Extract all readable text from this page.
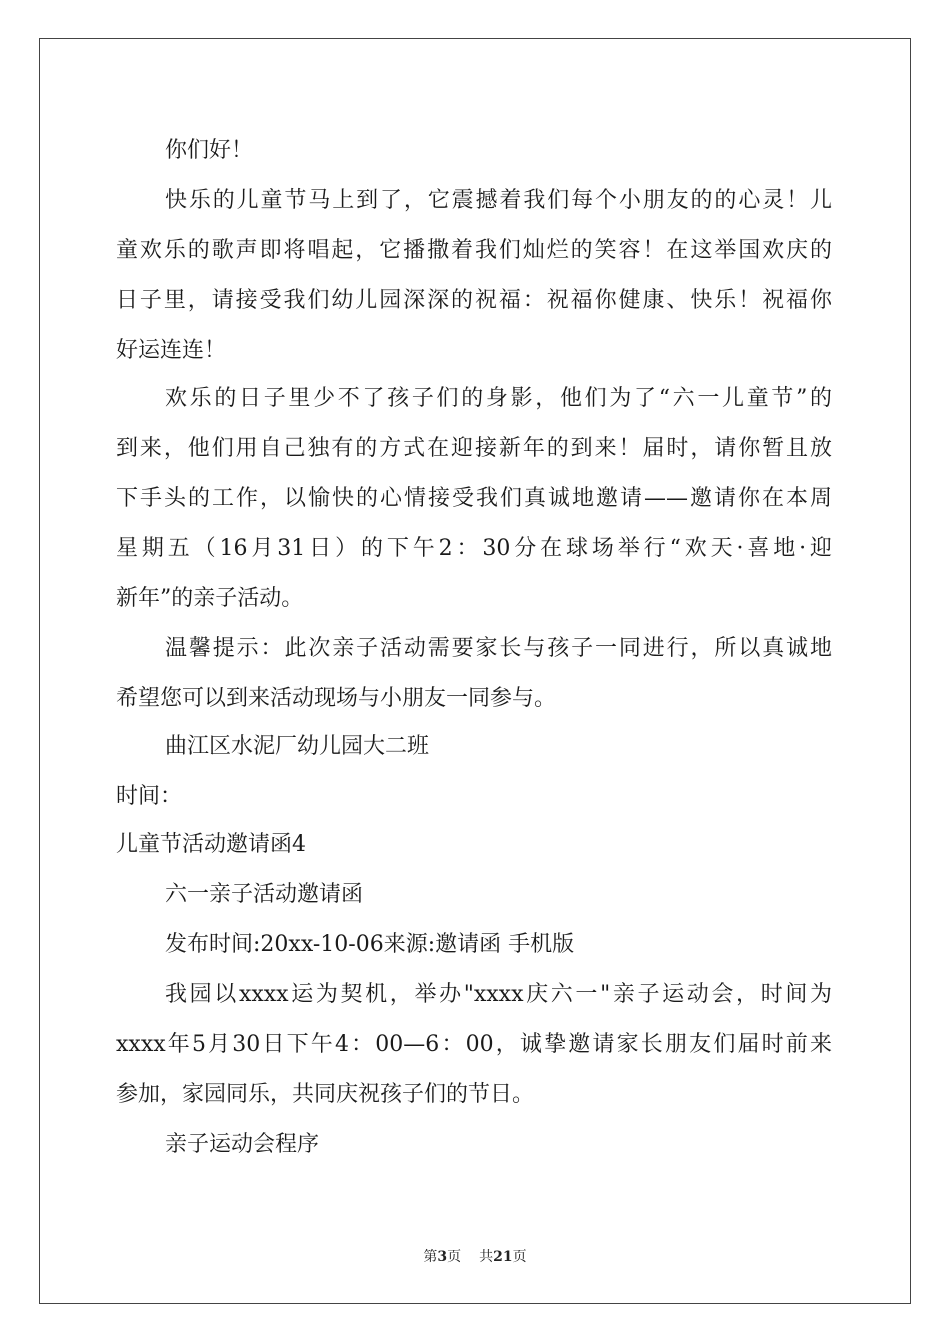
你们好！
快乐的儿童节马上到了，它震撼着我们每个小朋友的的心灵！儿
童欢乐的歌声即将唱起，它播撒着我们灿烂的笑容！在这举国欢庆的
日子里，请接受我们幼儿园深深的祝福：祝福你健康、快乐！祝福你
好运连连！
欢乐的日子里少不了孩子们的身影，他们为了“六一儿童节”的
到来，他们用自己独有的方式在迎接新年的到来！届时，请你暂且放
下手头的工作，以愉快的心情接受我们真诚地邀请——邀请你在本周
星期五（16月31日）的下午2：30分在球场举行“欢天·喜地·迎
新年”的亲子活动。
温馨提示：此次亲子活动需要家长与孩子一同进行，所以真诚地
希望您可以到来活动现场与小朋友一同参与。
曲江区水泥厂幼儿园大二班
时间：
儿童节活动邀请函4
六一亲子活动邀请函
发布时间:20xx-10-06来源:邀请函 手机版
我园以xxxx运为契机，举办"xxxx庆六一"亲子运动会，时间为
xxxx年5月30日下午4：00—6：00，诚挚邀请家长朋友们届时前来
参加，家园同乐，共同庆祝孩子们的节日。
亲子运动会程序
第3页 共21页
